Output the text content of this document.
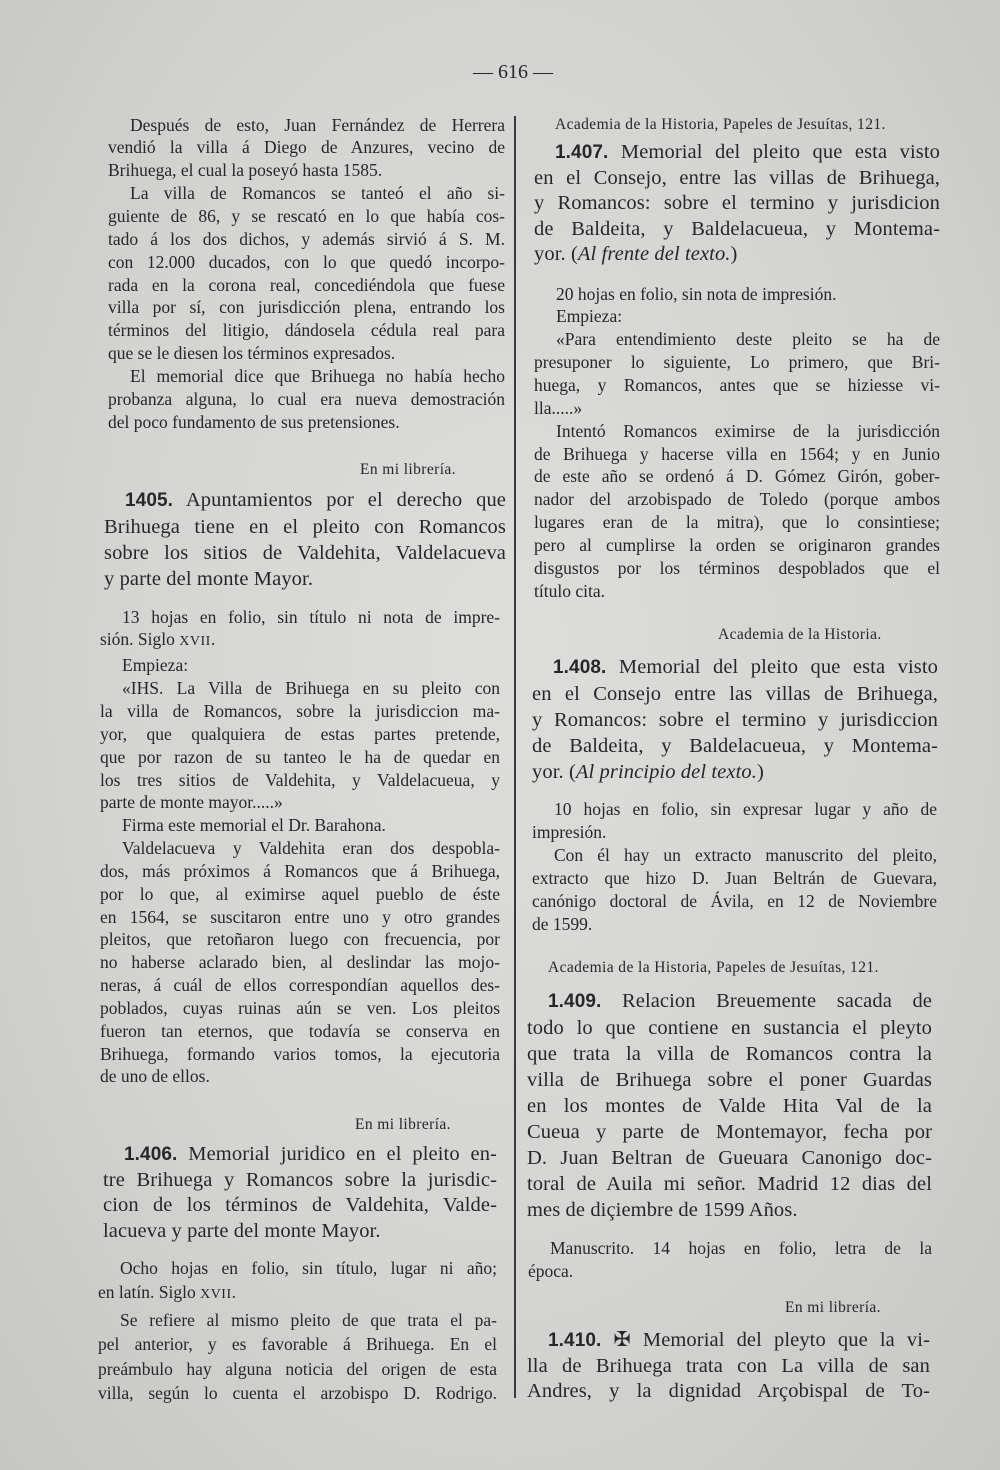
— 616 —
Después de esto, Juan Fernández de Herrera
vendió la villa á Diego de Anzures, vecino de
Brihuega, el cual la poseyó hasta 1585.
La villa de Romancos se tanteó el año si-
guiente de 86, y se rescató en lo que había cos-
tado á los dos dichos, y además sirvió á S. M.
con 12.000 ducados, con lo que quedó incorpo-
rada en la corona real, concediéndola que fuese
villa por sí, con jurisdicción plena, entrando los
términos del litigio, dándosela cédula real para
que se le diesen los términos expresados.
El memorial dice que Brihuega no había hecho
probanza alguna, lo cual era nueva demostración
del poco fundamento de sus pretensiones.
En mi librería.
1405. Apuntamientos por el derecho que
Brihuega tiene en el pleito con Romancos
sobre los sitios de Valdehita, Valdelacueva
y parte del monte Mayor.
13 hojas en folio, sin título ni nota de impre-
sión. Siglo XVII.
Empieza:
«IHS. La Villa de Brihuega en su pleito con
la villa de Romancos, sobre la jurisdiccion ma-
yor, que qualquiera de estas partes pretende,
que por razon de su tanteo le ha de quedar en
los tres sitios de Valdehita, y Valdelacueua, y
parte de monte mayor.....»
Firma este memorial el Dr. Barahona.
Valdelacueva y Valdehita eran dos despobla-
dos, más próximos á Romancos que á Brihuega,
por lo que, al eximirse aquel pueblo de éste
en 1564, se suscitaron entre uno y otro grandes
pleitos, que retoñaron luego con frecuencia, por
no haberse aclarado bien, al deslindar las mojo-
neras, á cuál de ellos correspondían aquellos des-
poblados, cuyas ruinas aún se ven. Los pleitos
fueron tan eternos, que todavía se conserva en
Brihuega, formando varios tomos, la ejecutoria
de uno de ellos.
En mi librería.
1.406. Memorial juridico en el pleito en-
tre Brihuega y Romancos sobre la jurisdic-
cion de los términos de Valdehita, Valde-
lacueva y parte del monte Mayor.
Ocho hojas en folio, sin título, lugar ni año;
en latín. Siglo XVII.
Se refiere al mismo pleito de que trata el pa-
pel anterior, y es favorable á Brihuega. En el
preámbulo hay alguna noticia del origen de esta
villa, según lo cuenta el arzobispo D. Rodrigo.
Academia de la Historia, Papeles de Jesuítas, 121.
1.407. Memorial del pleito que esta visto
en el Consejo, entre las villas de Brihuega,
y Romancos: sobre el termino y jurisdicion
de Baldeita, y Baldelacueua, y Montema-
yor. (Al frente del texto.)
20 hojas en folio, sin nota de impresión.
Empieza:
«Para entendimiento deste pleito se ha de
presuponer lo siguiente, Lo primero, que Bri-
huega, y Romancos, antes que se hiziesse vi-
lla.....»
Intentó Romancos eximirse de la jurisdicción
de Brihuega y hacerse villa en 1564; y en Junio
de este año se ordenó á D. Gómez Girón, gober-
nador del arzobispado de Toledo (porque ambos
lugares eran de la mitra), que lo consintiese;
pero al cumplirse la orden se originaron grandes
disgustos por los términos despoblados que el
título cita.
Academia de la Historia.
1.408. Memorial del pleito que esta visto
en el Consejo entre las villas de Brihuega,
y Romancos: sobre el termino y jurisdiccion
de Baldeita, y Baldelacueua, y Montema-
yor. (Al principio del texto.)
10 hojas en folio, sin expresar lugar y año de
impresión.
Con él hay un extracto manuscrito del pleito,
extracto que hizo D. Juan Beltrán de Guevara,
canónigo doctoral de Ávila, en 12 de Noviembre
de 1599.
Academia de la Historia, Papeles de Jesuítas, 121.
1.409. Relacion Breuemente sacada de
todo lo que contiene en sustancia el pleyto
que trata la villa de Romancos contra la
villa de Brihuega sobre el poner Guardas
en los montes de Valde Hita Val de la
Cueua y parte de Montemayor, fecha por
D. Juan Beltran de Gueuara Canonigo doc-
toral de Auila mi señor. Madrid 12 dias del
mes de diçiembre de 1599 Años.
Manuscrito. 14 hojas en folio, letra de la
época.
En mi librería.
1.410. ✠ Memorial del pleyto que la vi-
lla de Brihuega trata con La villa de san
Andres, y la dignidad Arçobispal de To-
